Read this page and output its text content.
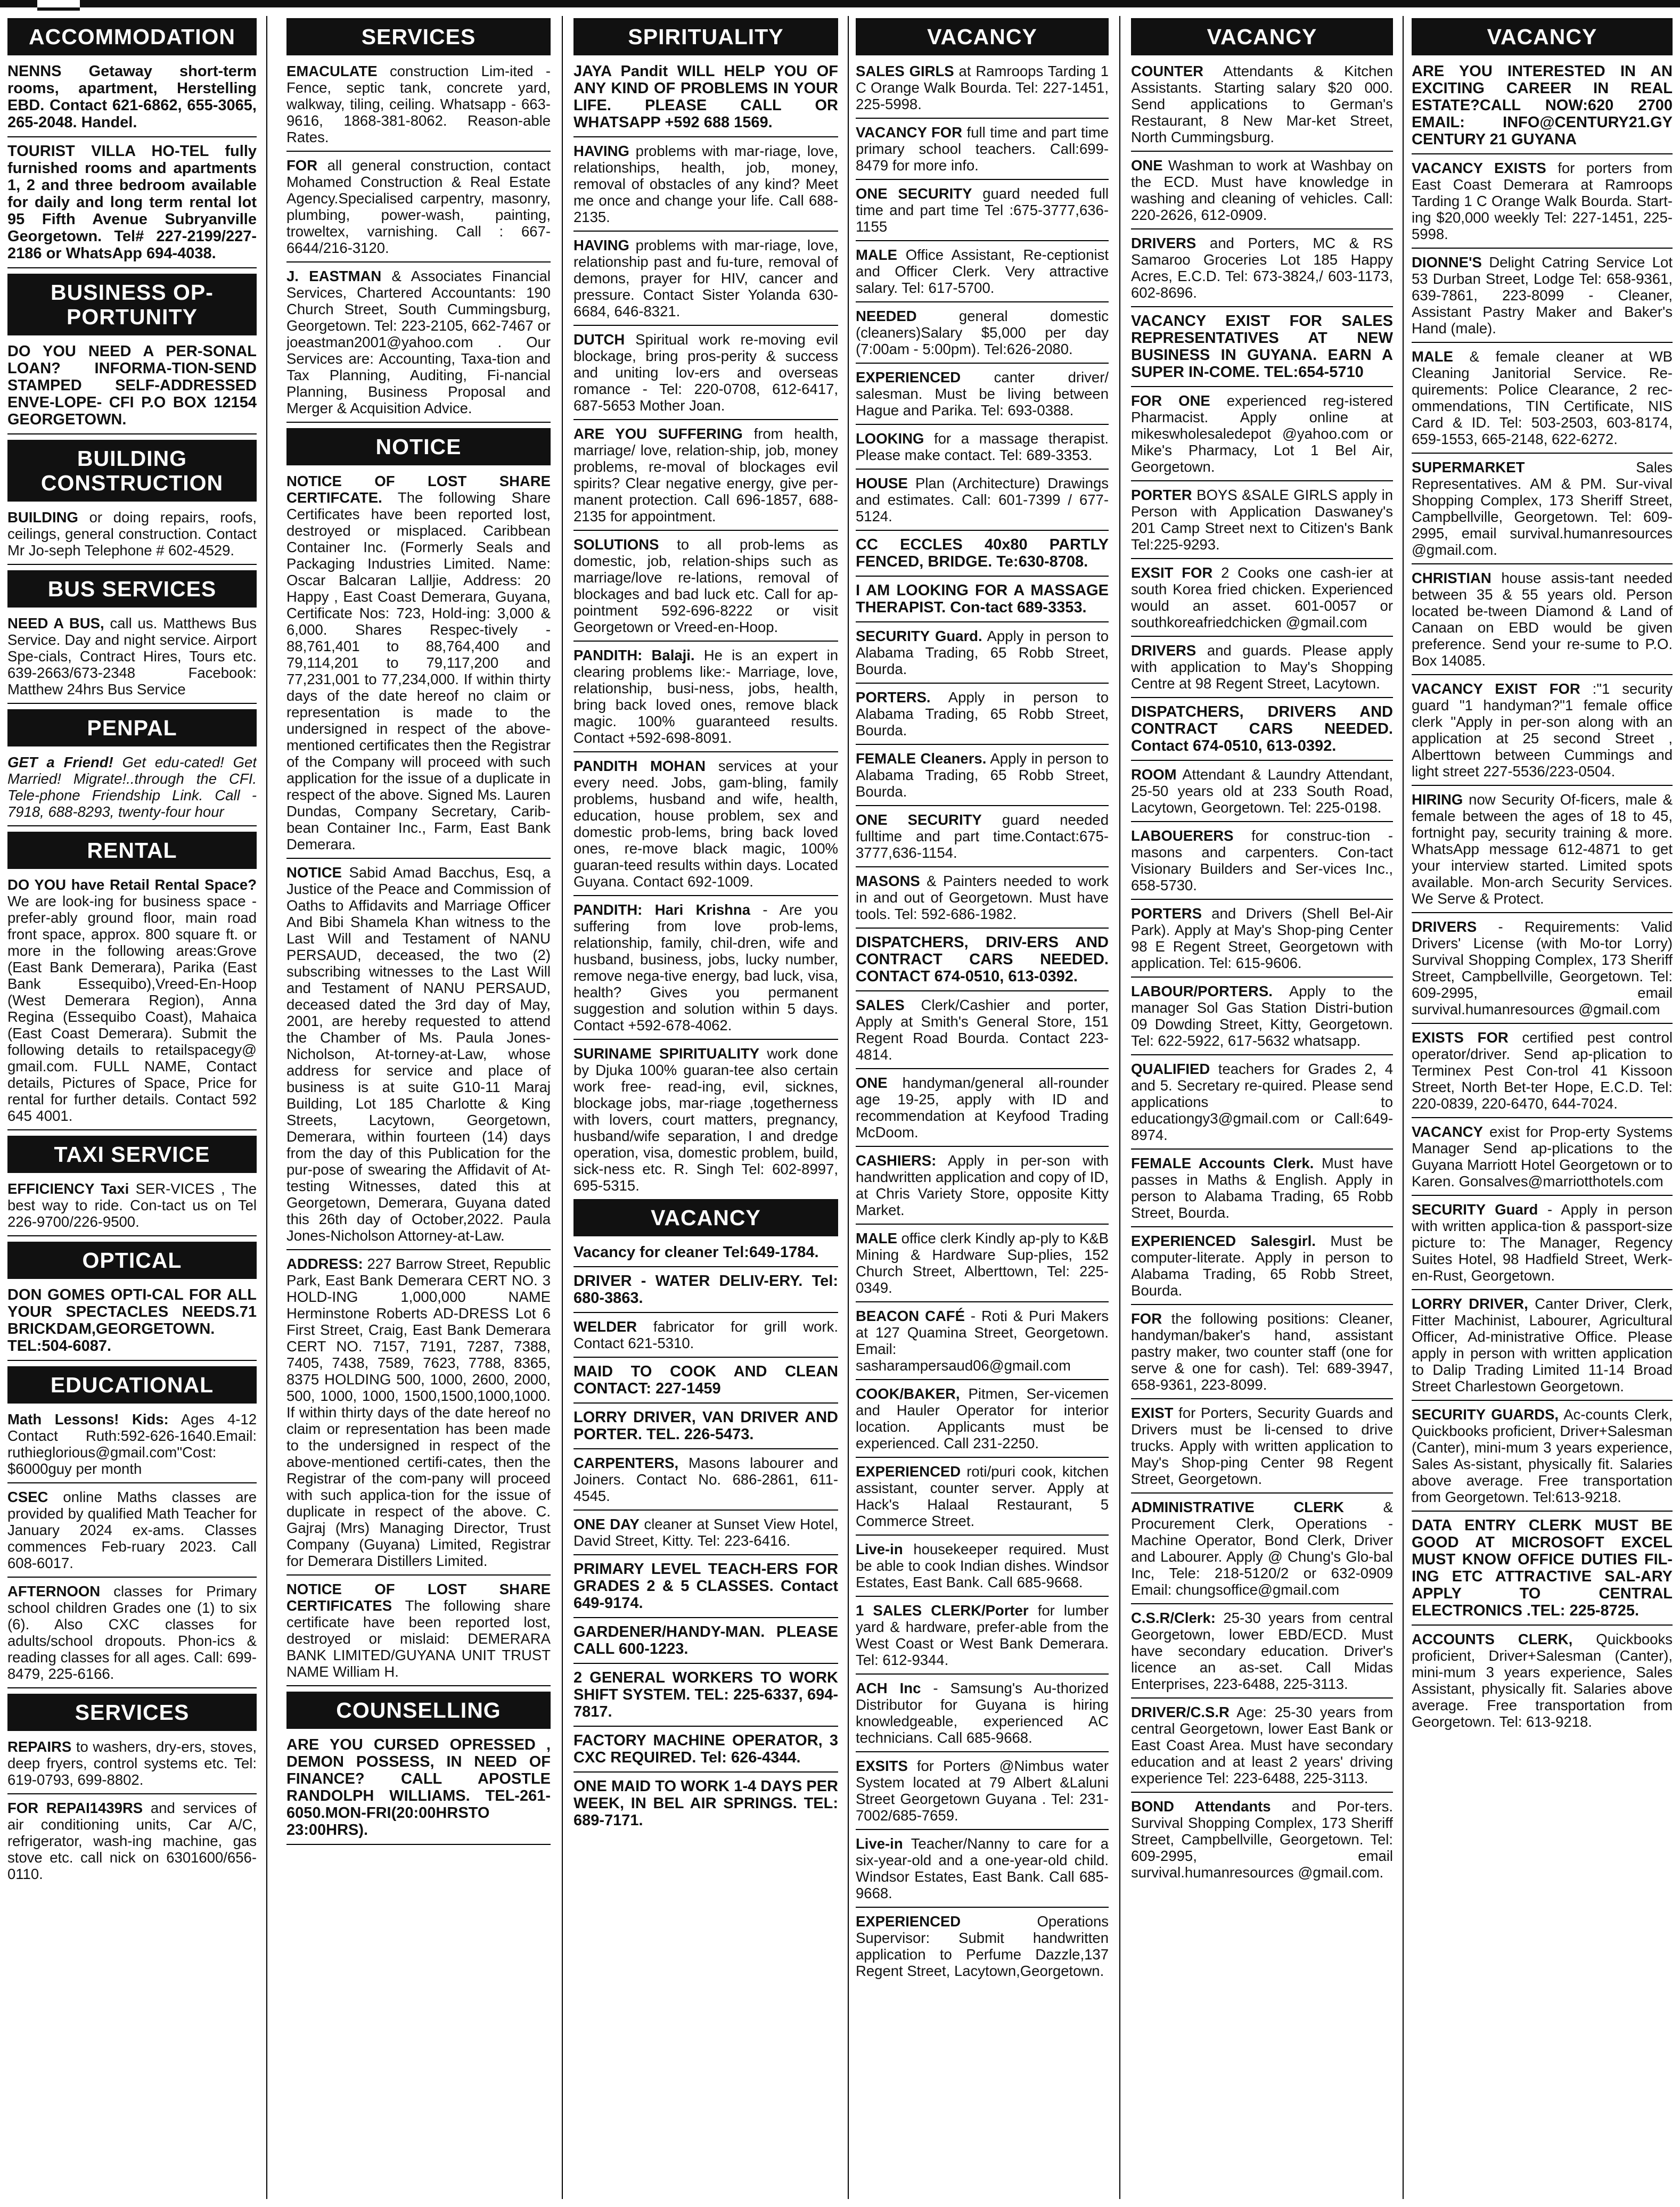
ACCOMMODATION
NENNS Getaway short-term rooms, apartment, Herstelling EBD. Contact 621-6862, 655-3065, 265-2048. Handel.
TOURIST VILLA HO-TEL fully furnished rooms and apartments 1, 2 and three bedroom available for daily and long term rental lot 95 Fifth Avenue Subryanville Georgetown. Tel# 227-2199/227-2186 or WhatsApp 694-4038.
BUSINESS OP-PORTUNITY
DO YOU NEED A PER-SONAL LOAN? INFORMA-TION-SEND STAMPED SELF-ADDRESSED ENVE-LOPE- CFI P.O BOX 12154 GEORGETOWN.
BUILDING CONSTRUCTION
BUILDING or doing repairs, roofs, ceilings, general construction. Contact Mr Jo-seph Telephone # 602-4529.
BUS SERVICES
NEED A BUS, call us. Matthews Bus Service. Day and night service. Airport Spe-cials, Contract Hires, Tours etc. 639-2663/673-2348 Facebook: Matthew 24hrs Bus Service
PENPAL
GET a Friend! Get edu-cated! Get Married! Migrate!..through the CFI. Tele-phone Friendship Link. Call - 7918, 688-8293, twenty-four hour
RENTAL
DO YOU have Retail Rental Space? We are look-ing for business space - prefer-ably ground floor, main road front space, approx. 800 square ft. or more in the following areas:Grove (East Bank Demerara), Parika (East Bank Essequibo),Vreed-En-Hoop (West Demerara Region), Anna Regina (Essequibo Coast), Mahaica (East Coast Demerara). Submit the following details to retailspacegy@ gmail.com. FULL NAME, Contact details, Pictures of Space, Price for rental for further details. Contact 592 645 4001.
TAXI SERVICE
EFFICIENCY Taxi SER-VICES , The best way to ride. Con-tact us on Tel 226-9700/226-9500.
OPTICAL
DON GOMES OPTI-CAL FOR ALL YOUR SPECTACLES NEEDS.71 BRICKDAM,GEORGETOWN. TEL:504-6087.
EDUCATIONAL
Math Lessons! Kids: Ages 4-12 Contact Ruth:592-626-1640.Email: ruthieglorious@gmail.com"Cost: $6000guy per month
CSEC online Maths classes are provided by qualified Math Teacher for January 2024 ex-ams. Classes commences Feb-ruary 2023. Call 608-6017.
AFTERNOON classes for Primary school children Grades one (1) to six (6). Also CXC classes for adults/school dropouts. Phon-ics & reading classes for all ages. Call: 699-8479, 225-6166.
SERVICES
REPAIRS to washers, dry-ers, stoves, deep fryers, control systems etc. Tel: 619-0793, 699-8802.
FOR REPAI1439RS and services of air conditioning units, Car A/C, refrigerator, wash-ing machine, gas stove etc. call nick on 6301600/656-0110.
SERVICES
EMACULATE construction Lim-ited - Fence, septic tank, concrete yard, walkway, tiling, ceiling. Whatsapp - 663-9616, 1868-381-8062. Reason-able Rates.
FOR all general construction, contact Mohamed Construction & Real Estate Agency.Specialised carpentry, masonry, plumbing, power-wash, painting, troweltex, varnishing. Call : 667-6644/216-3120.
J. EASTMAN & Associates Financial Services, Chartered Accountants: 190 Church Street, South Cummingsburg, Georgetown. Tel: 223-2105, 662-7467 or joeastman2001@yahoo.com . Our Services are: Accounting, Taxa-tion and Tax Planning, Auditing, Fi-nancial Planning, Business Proposal and Merger & Acquisition Advice.
NOTICE
NOTICE OF LOST SHARE CERTIFCATE. The following Share Certificates have been reported lost, destroyed or misplaced. Caribbean Container Inc. (Formerly Seals and Packaging Industries Limited. Name: Oscar Balcaran Lalljie, Address: 20 Happy , East Coast Demerara, Guyana, Certificate Nos: 723, Hold-ing: 3,000 & 6,000. Shares Respec-tively - 88,761,401 to 88,764,400 and 79,114,201 to 79,117,200 and 77,231,001 to 77,234,000. If within thirty days of the date hereof no claim or representation is made to the undersigned in respect of the above-mentioned certificates then the Registrar of the Company will proceed with such application for the issue of a duplicate in respect of the above. Signed Ms. Lauren Dundas, Company Secretary, Carib-bean Container Inc., Farm, East Bank Demerara.
NOTICE Sabid Amad Bacchus, Esq, a Justice of the Peace and Commission of Oaths to Affidavits and Marriage Officer And Bibi Shamela Khan witness to the Last Will and Testament of NANU PERSAUD, deceased, the two (2) subscribing witnesses to the Last Will and Testament of NANU PERSAUD, deceased dated the 3rd day of May, 2001, are hereby requested to attend the Chamber of Ms. Paula Jones-Nicholson, At-torney-at-Law, whose address for service and place of business is at suite G10-11 Maraj Building, Lot 185 Charlotte & King Streets, Lacytown, Georgetown, Demerara, within fourteen (14) days from the day of this Publication for the pur-pose of swearing the Affidavit of At-testing Witnesses, dated this at Georgetown, Demerara, Guyana dated this 26th day of October,2022. Paula Jones-Nicholson Attorney-at-Law.
ADDRESS: 227 Barrow Street, Republic Park, East Bank Demerara CERT NO. 3 HOLD-ING 1,000,000 NAME Herminstone Roberts AD-DRESS Lot 6 First Street, Craig, East Bank Demerara CERT NO. 7157, 7191, 7287, 7388, 7405, 7438, 7589, 7623, 7788, 8365, 8375 HOLDING 500, 1000, 2600, 2000, 500, 1000, 1000, 1500,1500,1000,1000. If within thirty days of the date hereof no claim or representation has been made to the undersigned in respect of the above-mentioned certifi-cates, then the Registrar of the com-pany will proceed with such applica-tion for the issue of duplicate in respect of the above. C. Gajraj (Mrs) Managing Director, Trust Company (Guyana) Limited, Registrar for Demerara Distillers Limited.
NOTICE OF LOST SHARE CERTIFICATES The following share certificate have been reported lost, destroyed or mislaid: DEMERARA BANK LIMITED/GUYANA UNIT TRUST NAME William H.
COUNSELLING
ARE YOU CURSED OPRESSED , DEMON POSSESS, IN NEED OF FINANCE? CALL APOSTLE RANDOLPH WILLIAMS. TEL-261-6050.MON-FRI(20:00HRSTO 23:00HRS).
SPIRITUALITY
JAYA Pandit WILL HELP YOU OF ANY KIND OF PROBLEMS IN YOUR LIFE. PLEASE CALL OR WHATSAPP +592 688 1569.
HAVING problems with mar-riage, love, relationships, health, job, money, removal of obstacles of any kind? Meet me once and change your life. Call 688-2135.
HAVING problems with mar-riage, love, relationship past and fu-ture, removal of demons, prayer for HIV, cancer and pressure. Contact Sister Yolanda 630-6684, 646-8321.
DUTCH Spiritual work re-moving evil blockage, bring pros-perity & success and uniting lov-ers and overseas romance - Tel: 220-0708, 612-6417, 687-5653 Mother Joan.
ARE YOU SUFFERING from health, marriage/ love, relation-ship, job, money problems, re-moval of blockages evil spirits? Clear negative energy, give per-manent protection. Call 696-1857, 688-2135 for appointment.
SOLUTIONS to all prob-lems as domestic, job, relation-ships such as marriage/love re-lations, removal of blockages and bad luck etc. Call for ap-pointment 592-696-8222 or visit Georgetown or Vreed-en-Hoop.
PANDITH: Balaji. He is an expert in clearing problems like:- Marriage, love, relationship, busi-ness, jobs, health, bring back loved ones, remove black magic. 100% guaranteed results. Contact +592-698-8091.
PANDITH MOHAN services at your every need. Jobs, gam-bling, family problems, husband and wife, health, education, house problem, sex and domestic prob-lems, bring back loved ones, re-move black magic, 100% guaran-teed results within days. Located Guyana. Contact 692-1009.
PANDITH: Hari Krishna - Are you suffering from love prob-lems, relationship, family, chil-dren, wife and husband, business, jobs, lucky number, remove nega-tive energy, bad luck, visa, health? Gives you permanent suggestion and solution within 5 days. Contact +592-678-4062.
SURINAME SPIRITUALITY work done by Djuka 100% guaran-tee also certain work free- read-ing, evil, sicknes, blockage jobs, mar-riage ,togetherness with lovers, court matters, pregnancy, husband/wife separation, I and dredge operation, visa, domestic problem, build, sick-ness etc. R. Singh Tel: 602-8997, 695-5315.
VACANCY
Vacancy for cleaner Tel:649-1784.
DRIVER - WATER DELIV-ERY. Tel: 680-3863.
WELDER fabricator for grill work. Contact 621-5310.
MAID TO COOK AND CLEAN CONTACT: 227-1459
LORRY DRIVER, VAN DRIVER AND PORTER. TEL. 226-5473.
CARPENTERS, Masons labourer and Joiners. Contact No. 686-2861, 611-4545.
ONE DAY cleaner at Sunset View Hotel, David Street, Kitty. Tel: 223-6416.
PRIMARY LEVEL TEACH-ERS FOR GRADES 2 & 5 CLASSES. Contact 649-9174.
GARDENER/HANDY-MAN. PLEASE CALL 600-1223.
2 GENERAL WORKERS TO WORK SHIFT SYSTEM. TEL: 225-6337, 694-7817.
FACTORY MACHINE OPERATOR, 3 CXC REQUIRED. Tel: 626-4344.
ONE MAID TO WORK 1-4 DAYS PER WEEK, IN BEL AIR SPRINGS. TEL: 689-7171.
VACANCY
SALES GIRLS at Ramroops Tarding 1 C Orange Walk Bourda. Tel: 227-1451, 225-5998.
VACANCY FOR full time and part time primary school teachers. Call:699-8479 for more info.
ONE SECURITY guard needed full time and part time Tel :675-3777,636-1155
MALE Office Assistant, Re-ceptionist and Officer Clerk. Very attractive salary. Tel: 617-5700.
NEEDED general domestic (cleaners)Salary $5,000 per day (7:00am - 5:00pm). Tel:626-2080.
EXPERIENCED canter driver/ salesman. Must be living between Hague and Parika. Tel: 693-0388.
LOOKING for a massage therapist. Please make contact. Tel: 689-3353.
HOUSE Plan (Architecture) Drawings and estimates. Call: 601-7399 / 677-5124.
CC ECCLES 40x80 PARTLY FENCED, BRIDGE. Te:630-8708.
I AM LOOKING FOR A MASSAGE THERAPIST. Con-tact 689-3353.
SECURITY Guard. Apply in person to Alabama Trading, 65 Robb Street, Bourda.
PORTERS. Apply in person to Alabama Trading, 65 Robb Street, Bourda.
FEMALE Cleaners. Apply in person to Alabama Trading, 65 Robb Street, Bourda.
ONE SECURITY guard needed fulltime and part time.Contact:675-3777,636-1154.
MASONS & Painters needed to work in and out of Georgetown. Must have tools. Tel: 592-686-1982.
DISPATCHERS, DRIV-ERS AND CONTRACT CARS NEEDED. CONTACT 674-0510, 613-0392.
SALES Clerk/Cashier and porter, Apply at Smith's General Store, 151 Regent Road Bourda. Contact 223-4814.
ONE handyman/general all-rounder age 19-25, apply with ID and recommendation at Keyfood Trading McDoom.
CASHIERS: Apply in per-son with handwritten application and copy of ID, at Chris Variety Store, opposite Kitty Market.
MALE office clerk Kindly ap-ply to K&B Mining & Hardware Sup-plies, 152 Church Street, Alberttown, Tel: 225-0349.
BEACON CAFÉ - Roti & Puri Makers at 127 Quamina Street, Georgetown. Email: sasharampersaud06@gmail.com
COOK/BAKER, Pitmen, Ser-vicemen and Hauler Operator for interior location. Applicants must be experienced. Call 231-2250.
EXPERIENCED roti/puri cook, kitchen assistant, counter server. Apply at Hack's Halaal Restaurant, 5 Commerce Street.
Live-in housekeeper required. Must be able to cook Indian dishes. Windsor Estates, East Bank. Call 685-9668.
1 SALES CLERK/Porter for lumber yard & hardware, prefer-able from the West Coast or West Bank Demerara. Tel: 612-9344.
ACH Inc - Samsung's Au-thorized Distributor for Guyana is hiring knowledgeable, experienced AC technicians. Call 685-9668.
EXSITS for Porters @Nimbus water System located at 79 Albert &Laluni Street Georgetown Guyana . Tel: 231-7002/685-7659.
Live-in Teacher/Nanny to care for a six-year-old and a one-year-old child. Windsor Estates, East Bank. Call 685-9668.
EXPERIENCED Operations Supervisor: Submit handwritten application to Perfume Dazzle,137 Regent Street, Lacytown,Georgetown.
VACANCY
COUNTER Attendants & Kitchen Assistants. Starting salary $20 000. Send applications to German's Restaurant, 8 New Mar-ket Street, North Cummingsburg.
ONE Washman to work at Washbay on the ECD. Must have knowledge in washing and cleaning of vehicles. Call: 220-2626, 612-0909.
DRIVERS and Porters, MC & RS Samaroo Groceries Lot 185 Happy Acres, E.C.D. Tel: 673-3824,/ 603-1173, 602-8696.
VACANCY EXIST FOR SALES REPRESENTATIVES AT NEW BUSINESS IN GUYANA. EARN A SUPER IN-COME. TEL:654-5710
FOR ONE experienced reg-istered Pharmacist. Apply online at mikeswholesaledepot @yahoo.com or Mike's Pharmacy, Lot 1 Bel Air, Georgetown.
PORTER BOYS &SALE GIRLS apply in Person with Application Daswaney's 201 Camp Street next to Citizen's Bank Tel:225-9293.
EXSIT FOR 2 Cooks one cash-ier at south Korea fried chicken. Experienced would an asset. 601-0057 or southkoreafriedchicken @gmail.com
DRIVERS and guards. Please apply with application to May's Shopping Centre at 98 Regent Street, Lacytown.
DISPATCHERS, DRIVERS AND CONTRACT CARS NEEDED. Contact 674-0510, 613-0392.
ROOM Attendant & Laundry Attendant, 25-50 years old at 233 South Road, Lacytown, Georgetown. Tel: 225-0198.
LABOUERERS for construc-tion - masons and carpenters. Con-tact Visionary Builders and Ser-vices Inc., 658-5730.
PORTERS and Drivers (Shell Bel-Air Park). Apply at May's Shop-ping Center 98 E Regent Street, Georgetown with application. Tel: 615-9606.
LABOUR/PORTERS. Apply to the manager Sol Gas Station Distri-bution 09 Dowding Street, Kitty, Georgetown. Tel: 622-5922, 617-5632 whatsapp.
QUALIFIED teachers for Grades 2, 4 and 5. Secretary re-quired. Please send applications to educationgy3@gmail.com or Call:649-8974.
FEMALE Accounts Clerk. Must have passes in Maths & English. Apply in person to Alabama Trading, 65 Robb Street, Bourda.
EXPERIENCED Salesgirl. Must be computer-literate. Apply in person to Alabama Trading, 65 Robb Street, Bourda.
FOR the following positions: Cleaner, handyman/baker's hand, assistant pastry maker, two counter staff (one for serve & one for cash). Tel: 689-3947, 658-9361, 223-8099.
EXIST for Porters, Security Guards and Drivers must be li-censed to drive trucks. Apply with written application to May's Shop-ping Center 98 Regent Street, Georgetown.
ADMINISTRATIVE CLERK & Procurement Clerk, Operations - Machine Operator, Bond Clerk, Driver and Labourer. Apply @ Chung's Glo-bal Inc, Tele: 218-5120/2 or 632-0909 Email: chungsoffice@gmail.com
C.S.R/Clerk: 25-30 years from central Georgetown, lower EBD/ECD. Must have secondary education. Driver's licence an as-set. Call Midas Enterprises, 223-6488, 225-3113.
DRIVER/C.S.R Age: 25-30 years from central Georgetown, lower East Bank or East Coast Area. Must have secondary education and at least 2 years' driving experience Tel: 223-6488, 225-3113.
BOND Attendants and Por-ters. Survival Shopping Complex, 173 Sheriff Street, Campbellville, Georgetown. Tel: 609-2995, email survival.humanresources @gmail.com.
VACANCY
ARE YOU INTERESTED IN AN EXCITING CAREER IN REAL ESTATE?CALL NOW:620 2700 EMAIL: INFO@CENTURY21.GY CENTURY 21 GUYANA
VACANCY EXISTS for porters from East Coast Demerara at Ramroops Tarding 1 C Orange Walk Bourda. Start-ing $20,000 weekly Tel: 227-1451, 225-5998.
DIONNE'S Delight Catring Service Lot 53 Durban Street, Lodge Tel: 658-9361, 639-7861, 223-8099 - Cleaner, Assistant Pastry Maker and Baker's Hand (male).
MALE & female cleaner at WB Cleaning Janitorial Service. Re-quirements: Police Clearance, 2 rec-ommendations, TIN Certificate, NIS Card & ID. Tel: 503-2503, 603-8174, 659-1553, 665-2148, 622-6272.
SUPERMARKET Sales Representatives. AM & PM. Sur-vival Shopping Complex, 173 Sheriff Street, Campbellville, Georgetown. Tel: 609-2995, email survival.humanresources @gmail.com.
CHRISTIAN house assis-tant needed between 35 & 55 years old. Person located be-tween Diamond & Land of Canaan on EBD would be given preference. Send your re-sume to P.O. Box 14085.
VACANCY EXIST FOR :"1 security guard "1 handyman?"1 female office clerk "Apply in per-son along with an application at 25 second Street , Alberttown between Cummings and light street 227-5536/223-0504.
HIRING now Security Of-ficers, male & female between the ages of 18 to 45, fortnight pay, security training & more. WhatsApp message 612-4871 to get your interview started. Limited spots available. Mon-arch Security Services. We Serve & Protect.
DRIVERS - Requirements: Valid Drivers' License (with Mo-tor Lorry) Survival Shopping Complex, 173 Sheriff Street, Campbellville, Georgetown. Tel: 609-2995, email survival.humanresources @gmail.com
EXISTS FOR certified pest control operator/driver. Send ap-plication to Terminex Pest Con-trol 41 Kissoon Street, North Bet-ter Hope, E.C.D. Tel: 220-0839, 220-6470, 644-7024.
VACANCY exist for Prop-erty Systems Manager Send ap-plications to the Guyana Marriott Hotel Georgetown or to Karen. Gonsalves@marriotthotels.com
SECURITY Guard - Apply in person with written applica-tion & passport-size picture to: The Manager, Regency Suites Hotel, 98 Hadfield Street, Werk-en-Rust, Georgetown.
LORRY DRIVER, Canter Driver, Clerk, Fitter Machinist, Labourer, Agricultural Officer, Ad-ministrative Office. Please apply in person with written application to Dalip Trading Limited 11-14 Broad Street Charlestown Georgetown.
SECURITY GUARDS, Ac-counts Clerk, Quickbooks proficient, Driver+Salesman (Canter), mini-mum 3 years experience, Sales As-sistant, physically fit. Salaries above average. Free transportation from Georgetown. Tel:613-9218.
DATA ENTRY CLERK MUST BE GOOD AT MICROSOFT EXCEL MUST KNOW OFFICE DUTIES FIL-ING ETC ATTRACTIVE SAL-ARY APPLY TO CENTRAL ELECTRONICS .TEL: 225-8725.
ACCOUNTS CLERK, Quickbooks proficient, Driver+Salesman (Canter), mini-mum 3 years experience, Sales Assistant, physically fit. Salaries above average. Free transportation from Georgetown. Tel: 613-9218.
